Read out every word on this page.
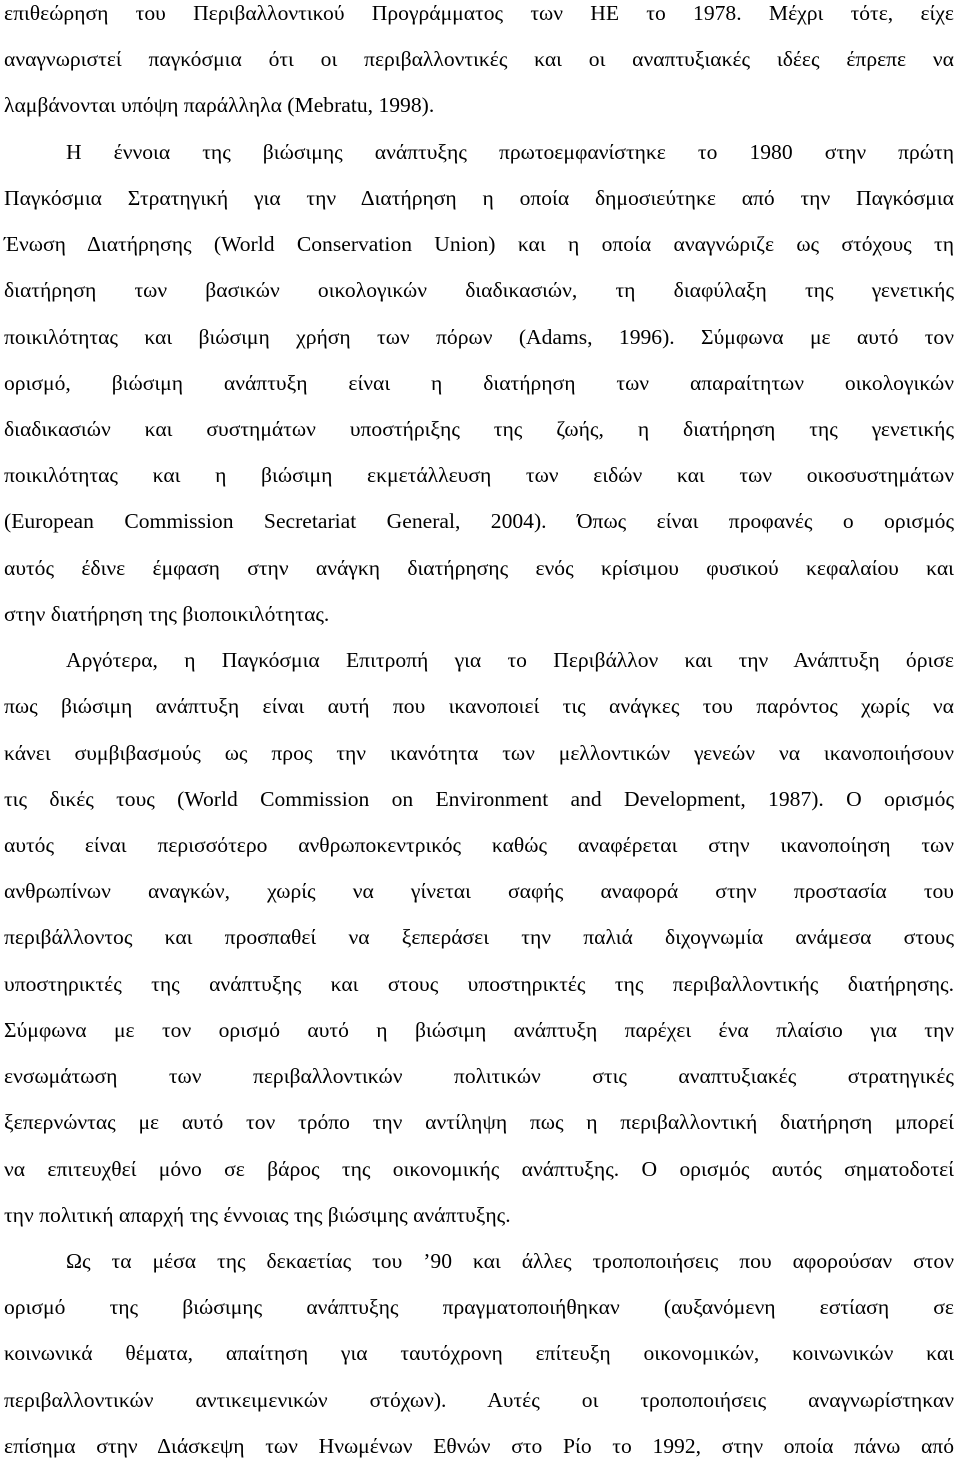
επιθεώρηση του Περιβαλλοντικού Προγράμματος των ΗΕ το 1978. Μέχρι τότε, είχε
αναγνωριστεί παγκόσμια ότι οι περιβαλλοντικές και οι αναπτυξιακές ιδέες έπρεπε να
λαμβάνονται υπόψη παράλληλα (Mebratu, 1998).
Η έννοια της βιώσιμης ανάπτυξης πρωτοεμφανίστηκε το 1980 στην πρώτη
Παγκόσμια Στρατηγική για την Διατήρηση η οποία δημοσιεύτηκε από την Παγκόσμια
Ένωση Διατήρησης (World Conservation Union) και η οποία αναγνώριζε ως στόχους τη
διατήρηση των βασικών οικολογικών διαδικασιών, τη διαφύλαξη της γενετικής
ποικιλότητας και βιώσιμη χρήση των πόρων (Adams, 1996). Σύμφωνα με αυτό τον
ορισμό, βιώσιμη ανάπτυξη είναι η διατήρηση των απαραίτητων οικολογικών
διαδικασιών και συστημάτων υποστήριξης της ζωής, η διατήρηση της γενετικής
ποικιλότητας και η βιώσιμη εκμετάλλευση των ειδών και των οικοσυστημάτων
(European Commission Secretariat General, 2004). Όπως είναι προφανές ο ορισμός
αυτός έδινε έμφαση στην ανάγκη διατήρησης ενός κρίσιμου φυσικού κεφαλαίου και
στην διατήρηση της βιοποικιλότητας.
Αργότερα, η Παγκόσμια Επιτροπή για το Περιβάλλον και την Ανάπτυξη όρισε
πως βιώσιμη ανάπτυξη είναι αυτή που ικανοποιεί τις ανάγκες του παρόντος χωρίς να
κάνει συμβιβασμούς ως προς την ικανότητα των μελλοντικών γενεών να ικανοποιήσουν
τις δικές τους (World Commission on Environment and Development, 1987). Ο ορισμός
αυτός είναι περισσότερο ανθρωποκεντρικός καθώς αναφέρεται στην ικανοποίηση των
ανθρωπίνων αναγκών, χωρίς να γίνεται σαφής αναφορά στην προστασία του
περιβάλλοντος και προσπαθεί να ξεπεράσει την παλιά διχογνωμία ανάμεσα στους
υποστηρικτές της ανάπτυξης και στους υποστηρικτές της περιβαλλοντικής διατήρησης.
Σύμφωνα με τον ορισμό αυτό η βιώσιμη ανάπτυξη παρέχει ένα πλαίσιο για την
ενσωμάτωση των περιβαλλοντικών πολιτικών στις αναπτυξιακές στρατηγικές
ξεπερνώντας με αυτό τον τρόπο την αντίληψη πως η περιβαλλοντική διατήρηση μπορεί
να επιτευχθεί μόνο σε βάρος της οικονομικής ανάπτυξης. Ο ορισμός αυτός σηματοδοτεί
την πολιτική απαρχή της έννοιας της βιώσιμης ανάπτυξης.
Ως τα μέσα της δεκαετίας του ’90 και άλλες τροποποιήσεις που αφορούσαν στον
ορισμό της βιώσιμης ανάπτυξης πραγματοποιήθηκαν (αυξανόμενη εστίαση σε
κοινωνικά θέματα, απαίτηση για ταυτόχρονη επίτευξη οικονομικών, κοινωνικών και
περιβαλλοντικών αντικειμενικών στόχων). Αυτές οι τροποποιήσεις αναγνωρίστηκαν
επίσημα στην Διάσκεψη των Ηνωμένων Εθνών στο Ρίο το 1992, στην οποία πάνω από
